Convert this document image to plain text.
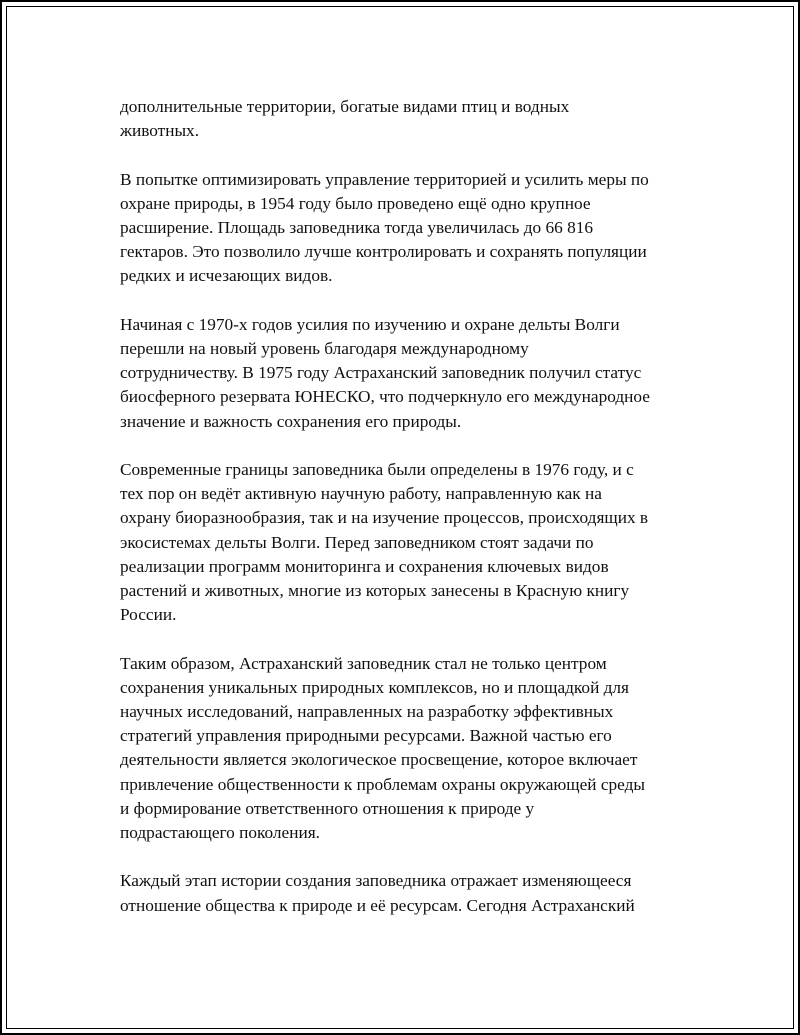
дополнительные территории, богатые видами птиц и водных
животных.

В попытке оптимизировать управление территорией и усилить меры по
охране природы, в 1954 году было проведено ещё одно крупное
расширение. Площадь заповедника тогда увеличилась до 66 816
гектаров. Это позволило лучше контролировать и сохранять популяции
редких и исчезающих видов.

Начиная с 1970-х годов усилия по изучению и охране дельты Волги
перешли на новый уровень благодаря международному
сотрудничеству. В 1975 году Астраханский заповедник получил статус
биосферного резервата ЮНЕСКО, что подчеркнуло его международное
значение и важность сохранения его природы.

Современные границы заповедника были определены в 1976 году, и с
тех пор он ведёт активную научную работу, направленную как на
охрану биоразнообразия, так и на изучение процессов, происходящих в
экосистемах дельты Волги. Перед заповедником стоят задачи по
реализации программ мониторинга и сохранения ключевых видов
растений и животных, многие из которых занесены в Красную книгу
России.

Таким образом, Астраханский заповедник стал не только центром
сохранения уникальных природных комплексов, но и площадкой для
научных исследований, направленных на разработку эффективных
стратегий управления природными ресурсами. Важной частью его
деятельности является экологическое просвещение, которое включает
привлечение общественности к проблемам охраны окружающей среды
и формирование ответственного отношения к природе у
подрастающего поколения.

Каждый этап истории создания заповедника отражает изменяющееся
отношение общества к природе и её ресурсам. Сегодня Астраханский
